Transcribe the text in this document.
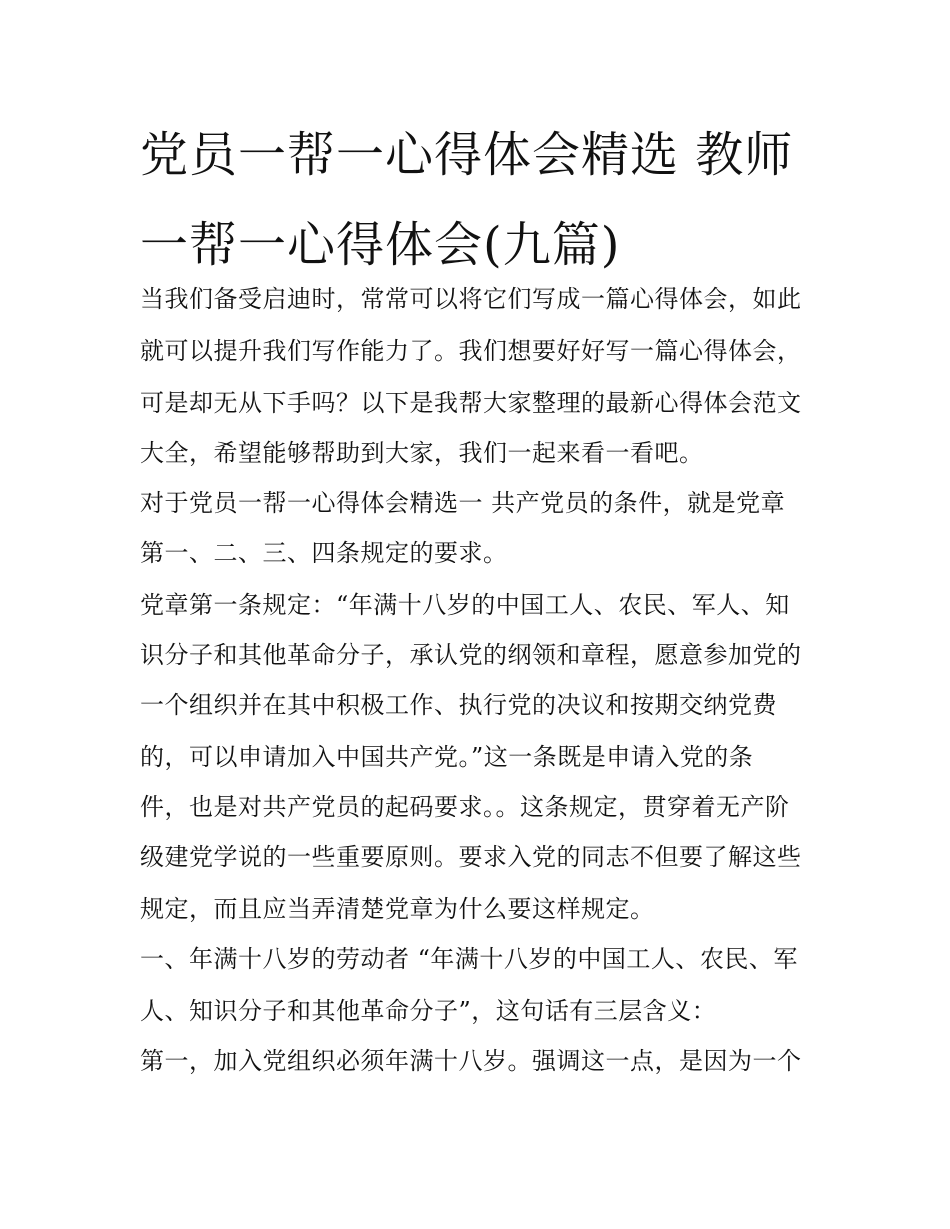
党员一帮一心得体会精选 教师
一帮一心得体会(九篇)

当我们备受启迪时，常常可以将它们写成一篇心得体会，如此

就可以提升我们写作能力了。我们想要好好写一篇心得体会，

可是却无从下手吗？以下是我帮大家整理的最新心得体会范文

大全，希望能够帮助到大家，我们一起来看一看吧。

对于党员一帮一心得体会精选一 共产党员的条件，就是党章

第一、二、三、四条规定的要求。

党章第一条规定：“年满十八岁的中国工人、农民、军人、知

识分子和其他革命分子，承认党的纲领和章程，愿意参加党的

一个组织并在其中积极工作、执行党的决议和按期交纳党费

的，可以申请加入中国共产党。”这一条既是申请入党的条

件，也是对共产党员的起码要求。。这条规定，贯穿着无产阶

级建党学说的一些重要原则。要求入党的同志不但要了解这些

规定，而且应当弄清楚党章为什么要这样规定。

一、年满十八岁的劳动者 “年满十八岁的中国工人、农民、军

人、知识分子和其他革命分子”，这句话有三层含义：

第一，加入党组织必须年满十八岁。强调这一点，是因为一个
